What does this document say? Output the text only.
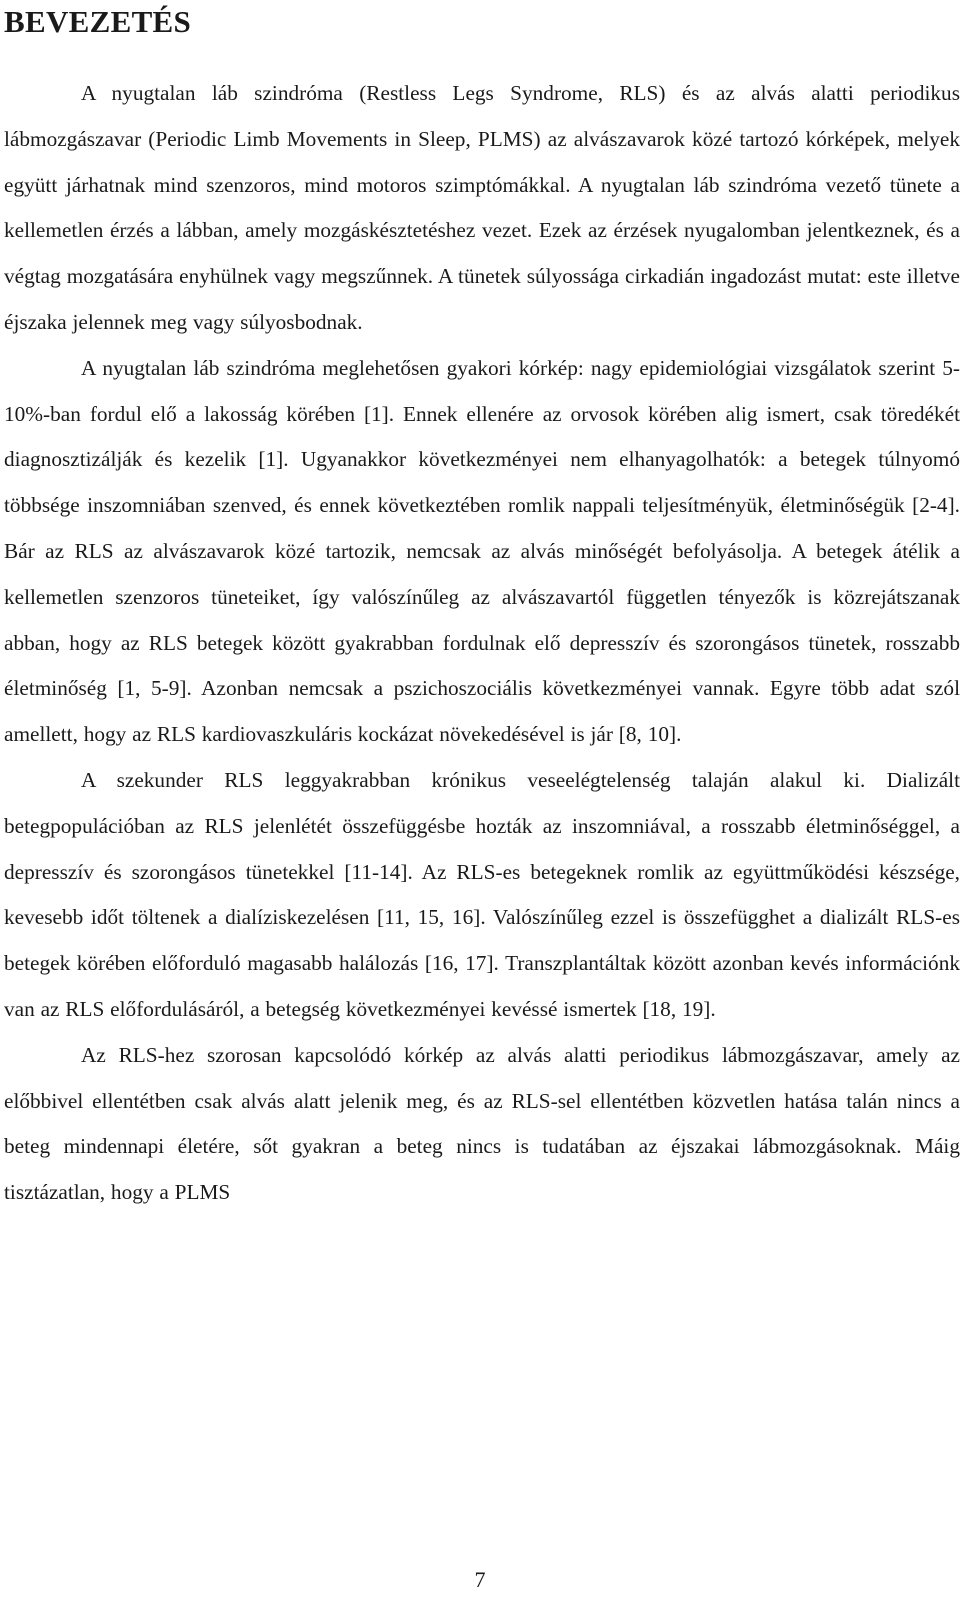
BEVEZETÉS

A nyugtalan láb szindróma (Restless Legs Syndrome, RLS) és az alvás alatti periodikus lábmozgászavar (Periodic Limb Movements in Sleep, PLMS) az alvászavarok közé tartozó kórképek, melyek együtt járhatnak mind szenzoros, mind motoros szimptómákkal. A nyugtalan láb szindróma vezető tünete a kellemetlen érzés a lábban, amely mozgáskésztetéshez vezet. Ezek az érzések nyugalomban jelentkeznek, és a végtag mozgatására enyhülnek vagy megszűnnek. A tünetek súlyossága cirkadián ingadozást mutat: este illetve éjszaka jelennek meg vagy súlyosbodnak.

A nyugtalan láb szindróma meglehetősen gyakori kórkép: nagy epidemiológiai vizsgálatok szerint 5-10%-ban fordul elő a lakosság körében [1]. Ennek ellenére az orvosok körében alig ismert, csak töredékét diagnosztizálják és kezelik [1]. Ugyanakkor következményei nem elhanyagolhatók: a betegek túlnyomó többsége inszomniában szenved, és ennek következtében romlik nappali teljesítményük, életminőségük [2-4]. Bár az RLS az alvászavarok közé tartozik, nemcsak az alvás minőségét befolyásolja. A betegek átélik a kellemetlen szenzoros tüneteiket, így valószínűleg az alvászavartól független tényezők is közrejátszanak abban, hogy az RLS betegek között gyakrabban fordulnak elő depresszív és szorongásos tünetek, rosszabb életminőség [1, 5-9]. Azonban nemcsak a pszichoszociális következményei vannak. Egyre több adat szól amellett, hogy az RLS kardiovaszkuláris kockázat növekedésével is jár [8, 10].

A szekunder RLS leggyakrabban krónikus veseelégtelenség talaján alakul ki. Dializált betegpopulációban az RLS jelenlétét összefüggésbe hozták az inszomniával, a rosszabb életminőséggel, a depresszív és szorongásos tünetekkel [11-14]. Az RLS-es betegeknek romlik az együttműködési készsége, kevesebb időt töltenek a dialíziskezelésen [11, 15, 16]. Valószínűleg ezzel is összefügghet a dializált RLS-es betegek körében előforduló magasabb halálozás [16, 17]. Transzplantáltak között azonban kevés információnk van az RLS előfordulásáról, a betegség következményei kevéssé ismertek [18, 19].

Az RLS-hez szorosan kapcsolódó kórkép az alvás alatti periodikus lábmozgászavar, amely az előbbivel ellentétben csak alvás alatt jelenik meg, és az RLS-sel ellentétben közvetlen hatása talán nincs a beteg mindennapi életére, sőt gyakran a beteg nincs is tudatában az éjszakai lábmozgásoknak. Máig tisztázatlan, hogy a PLMS

7
